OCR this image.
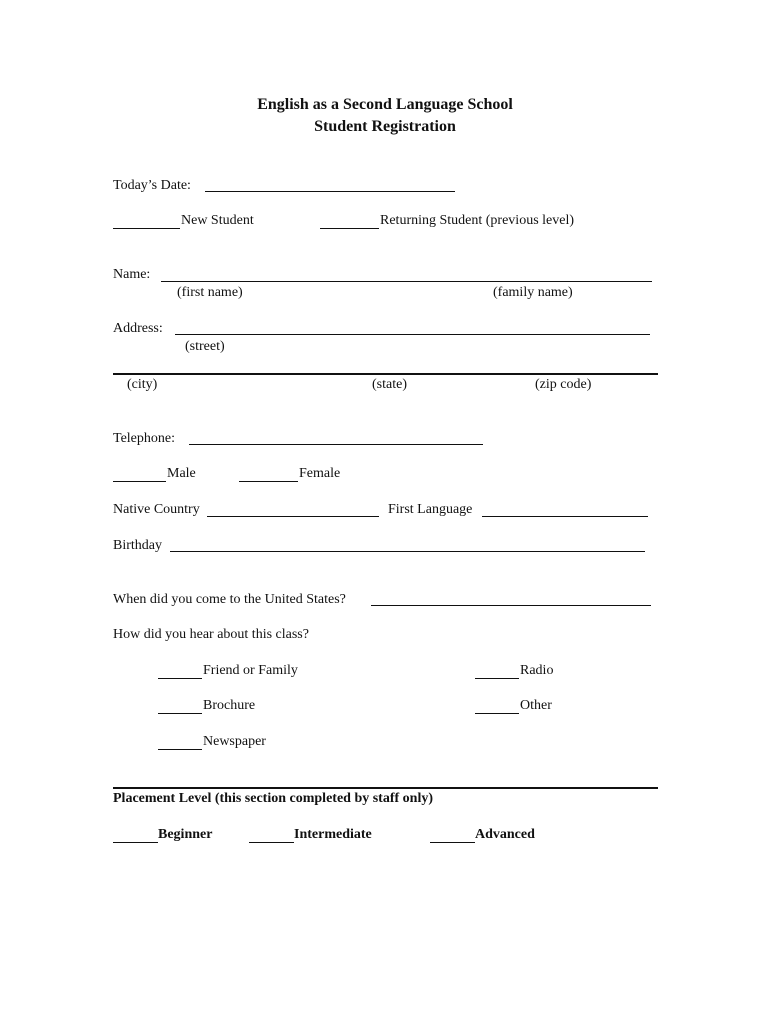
English as a Second Language School
Student Registration
Today’s Date:
New Student	Returning Student (previous level)
Name:
(first name)	(family name)
Address:
(street)
(city)	(state)	(zip code)
Telephone:
Male	Female
Native Country	First Language
Birthday
When did you come to the United States?
How did you hear about this class?
Friend or Family	Radio
Brochure	Other
Newspaper
Placement Level (this section completed by staff only)
Beginner	Intermediate	Advanced
